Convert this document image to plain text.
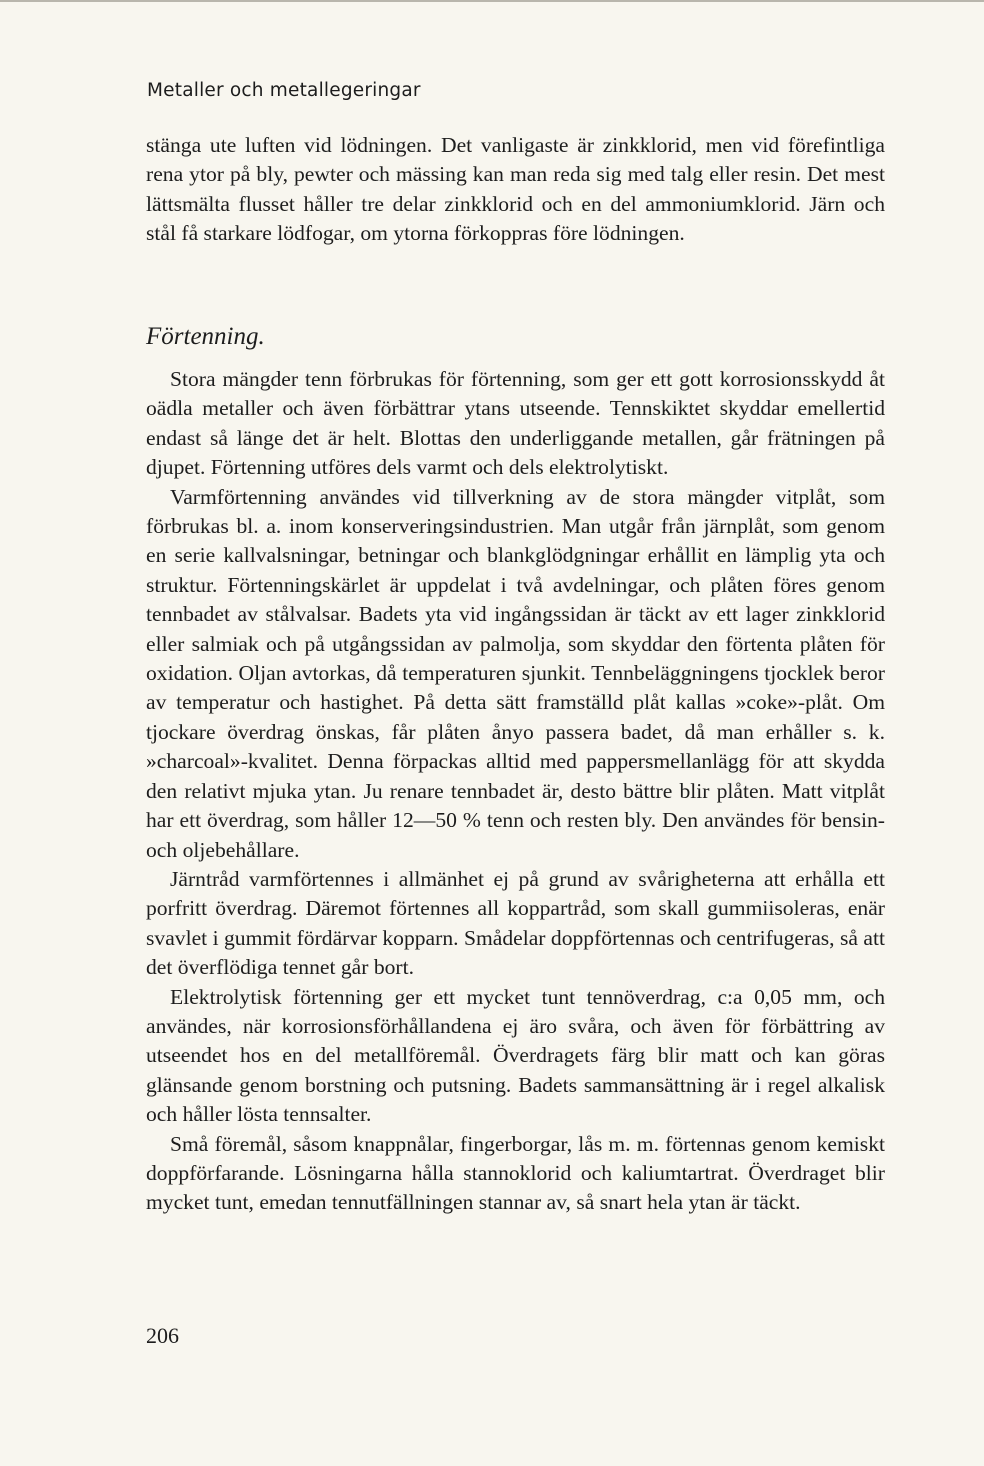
Metaller och metallegeringar

stänga ute luften vid lödningen. Det vanligaste är zinkklorid, men vid förefintliga rena ytor på bly, pewter och mässing kan man reda sig med talg eller resin. Det mest lättsmälta flusset håller tre delar zinkklorid och en del ammoniumklorid. Järn och stål få starkare lödfogar, om ytorna förkoppras före lödningen.

Förtenning.

Stora mängder tenn förbrukas för förtenning, som ger ett gott korrosionsskydd åt oädla metaller och även förbättrar ytans utseende. Tennskiktet skyddar emellertid endast så länge det är helt. Blottas den underliggande metallen, går frätningen på djupet. Förtenning utföres dels varmt och dels elektrolytiskt.

Varmförtenning användes vid tillverkning av de stora mängder vitplåt, som förbrukas bl. a. inom konserveringsindustrien. Man utgår från järnplåt, som genom en serie kallvalsningar, betningar och blankglödgningar erhållit en lämplig yta och struktur. Förtenningskärlet är uppdelat i två avdelningar, och plåten föres genom tennbadet av stålvalsar. Badets yta vid ingångssidan är täckt av ett lager zinkklorid eller salmiak och på utgångssidan av palmolja, som skyddar den förtenta plåten för oxidation. Oljan avtorkas, då temperaturen sjunkit. Tennbeläggningens tjocklek beror av temperatur och hastighet. På detta sätt framställd plåt kallas »coke»-plåt. Om tjockare överdrag önskas, får plåten ånyo passera badet, då man erhåller s. k. »charcoal»-kvalitet. Denna förpackas alltid med pappersmellanlägg för att skydda den relativt mjuka ytan. Ju renare tennbadet är, desto bättre blir plåten. Matt vitplåt har ett överdrag, som håller 12—50 % tenn och resten bly. Den användes för bensin- och oljebehållare.

Järntråd varmförtennes i allmänhet ej på grund av svårigheterna att erhålla ett porfritt överdrag. Däremot förtennes all koppartråd, som skall gummiisoleras, enär svavlet i gummit fördärvar kopparn. Smådelar doppförtennas och centrifugeras, så att det överflödiga tennet går bort.

Elektrolytisk förtenning ger ett mycket tunt tennöverdrag, c:a 0,05 mm, och användes, när korrosionsförhållandena ej äro svåra, och även för förbättring av utseendet hos en del metallföremål. Överdragets färg blir matt och kan göras glänsande genom borstning och putsning. Badets sammansättning är i regel alkalisk och håller lösta tennsalter.

Små föremål, såsom knappnålar, fingerborgar, lås m. m. förtennas genom kemiskt doppförfarande. Lösningarna hålla stannoklorid och kaliumtartrat. Överdraget blir mycket tunt, emedan tennutfällningen stannar av, så snart hela ytan är täckt.

206
